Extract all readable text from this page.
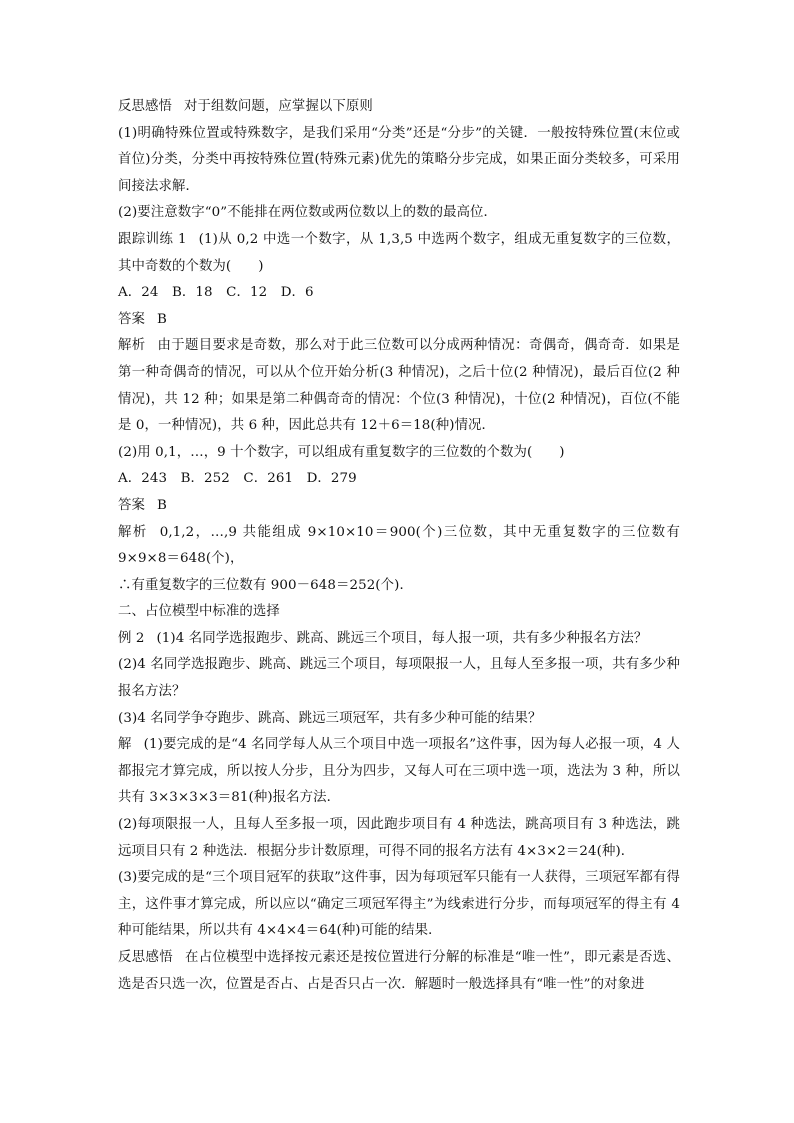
反思感悟 对于组数问题，应掌握以下原则

(1)明确特殊位置或特殊数字，是我们采用“分类”还是“分步”的关键．一般按特殊位置(末位或首位)分类，分类中再按特殊位置(特殊元素)优先的策略分步完成，如果正面分类较多，可采用间接法求解．

(2)要注意数字“0”不能排在两位数或两位数以上的数的最高位．

跟踪训练 1 (1)从 0,2 中选一个数字，从 1,3,5 中选两个数字，组成无重复数字的三位数，其中奇数的个数为(　　)

A．24　B．18　C．12　D．6

答案 B

解析 由于题目要求是奇数，那么对于此三位数可以分成两种情况：奇偶奇，偶奇奇．如果是第一种奇偶奇的情况，可以从个位开始分析(3 种情况)，之后十位(2 种情况)，最后百位(2 种情况)，共 12 种；如果是第二种偶奇奇的情况：个位(3 种情况)，十位(2 种情况)，百位(不能是 0，一种情况)，共 6 种，因此总共有 12＋6＝18(种)情况．

(2)用 0,1，…，9 十个数字，可以组成有重复数字的三位数的个数为(　　)

A．243　B．252　C．261　D．279

答案 B

解析 0,1,2，…,9 共能组成 9×10×10＝900(个)三位数，其中无重复数字的三位数有 9×9×8＝648(个)，

∴有重复数字的三位数有 900－648＝252(个)．

二、占位模型中标准的选择

例 2 (1)4 名同学选报跑步、跳高、跳远三个项目，每人报一项，共有多少种报名方法？

(2)4 名同学选报跑步、跳高、跳远三个项目，每项限报一人，且每人至多报一项，共有多少种报名方法？

(3)4 名同学争夺跑步、跳高、跳远三项冠军，共有多少种可能的结果？

解 (1)要完成的是“4 名同学每人从三个项目中选一项报名”这件事，因为每人必报一项，4 人都报完才算完成，所以按人分步，且分为四步，又每人可在三项中选一项，选法为 3 种，所以共有 3×3×3×3＝81(种)报名方法．

(2)每项限报一人，且每人至多报一项，因此跑步项目有 4 种选法，跳高项目有 3 种选法，跳远项目只有 2 种选法．根据分步计数原理，可得不同的报名方法有 4×3×2＝24(种)．

(3)要完成的是“三个项目冠军的获取”这件事，因为每项冠军只能有一人获得，三项冠军都有得主，这件事才算完成，所以应以“确定三项冠军得主”为线索进行分步，而每项冠军的得主有 4 种可能结果，所以共有 4×4×4＝64(种)可能的结果．

反思感悟 在占位模型中选择按元素还是按位置进行分解的标准是“唯一性”，即元素是否选、选是否只选一次，位置是否占、占是否只占一次．解题时一般选择具有“唯一性”的对象进
